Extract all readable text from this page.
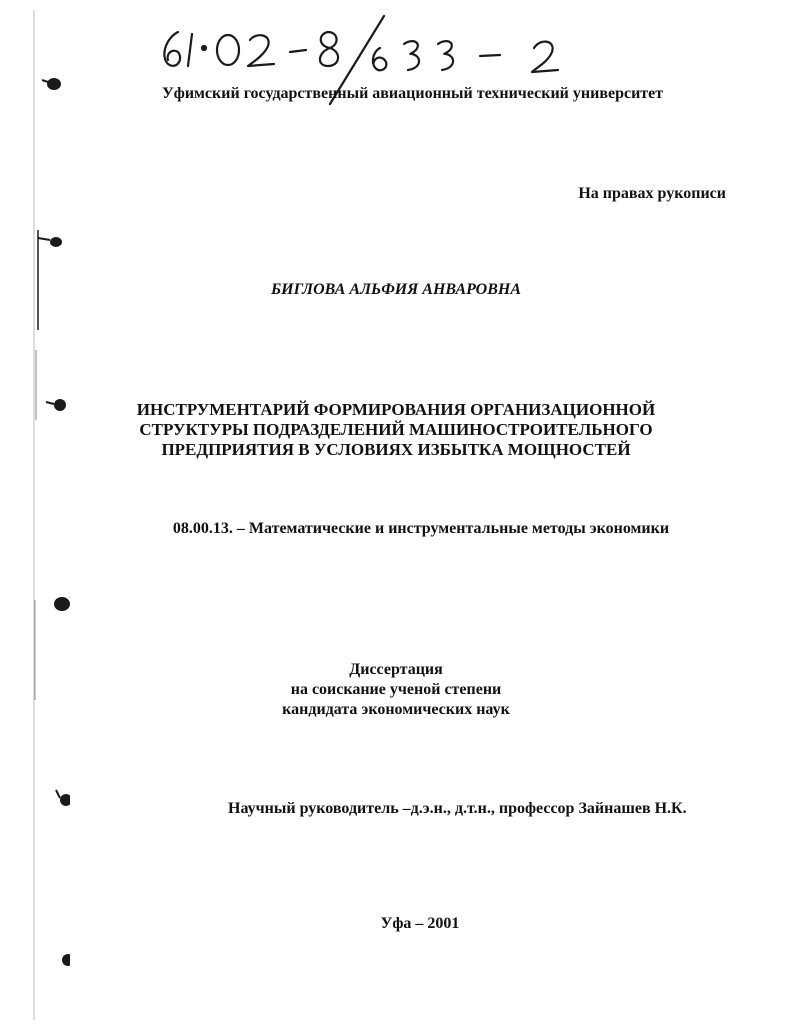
Уфимский государственный авиационный технический университет
На правах рукописи
БИГЛОВА АЛЬФИЯ АНВАРОВНА
ИНСТРУМЕНТАРИЙ ФОРМИРОВАНИЯ ОРГАНИЗАЦИОННОЙ
СТРУКТУРЫ ПОДРАЗДЕЛЕНИЙ МАШИНОСТРОИТЕЛЬНОГО
ПРЕДПРИЯТИЯ В УСЛОВИЯХ ИЗБЫТКА МОЩНОСТЕЙ
08.00.13. – Математические и инструментальные методы экономики
Диссертация
на соискание ученой степени
кандидата экономических наук
Научный руководитель –д.э.н., д.т.н., профессор Зайнашев Н.К.
Уфа – 2001
